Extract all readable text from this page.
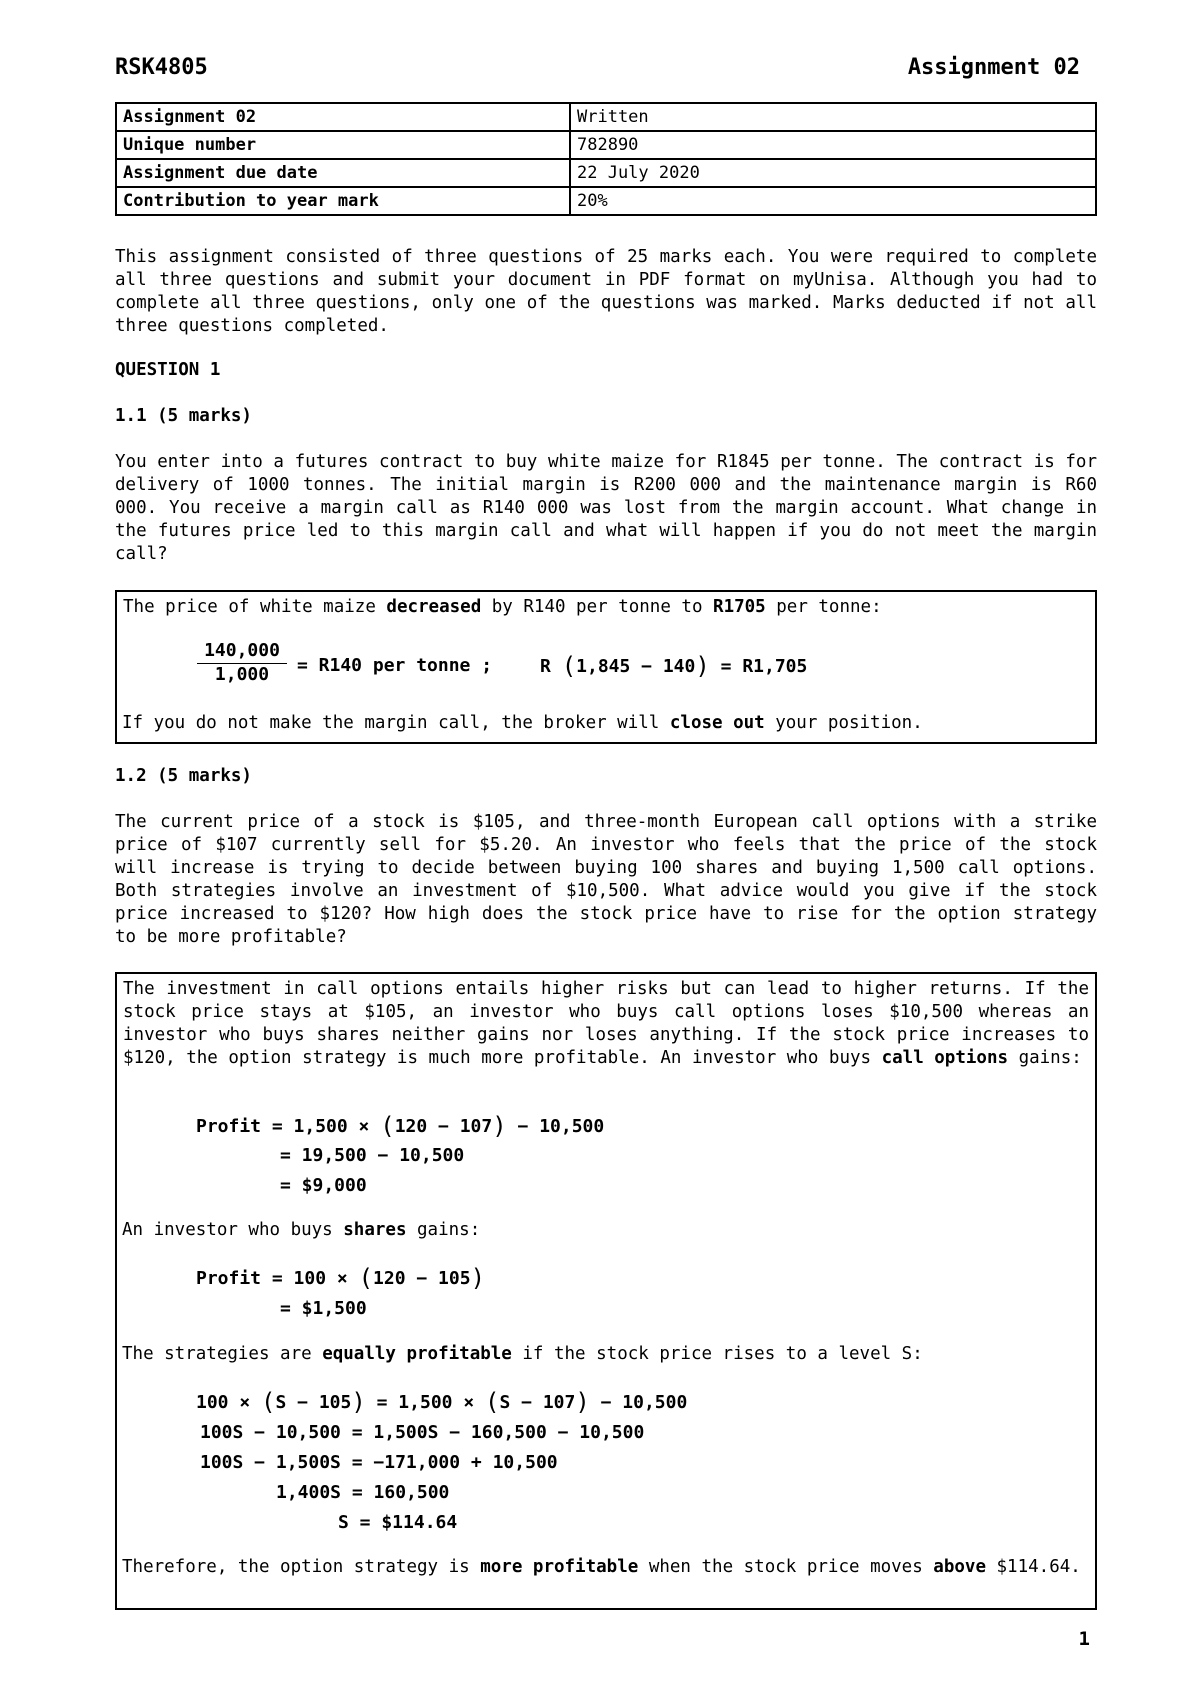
RSK4805	Assignment 02
Assignment 02	Written
Unique number	782890
Assignment due date	22 July 2020
Contribution to year mark	20%
This assignment consisted of three questions of 25 marks each. You were required to complete all three questions and submit your document in PDF format on myUnisa. Although you had to complete all three questions, only one of the questions was marked. Marks deducted if not all three questions completed.
QUESTION 1
1.1 (5 marks)
You enter into a futures contract to buy white maize for R1845 per tonne. The contract is for delivery of 1000 tonnes. The initial margin is R200 000 and the maintenance margin is R60 000. You receive a margin call as R140 000 was lost from the margin account. What change in the futures price led to this margin call and what will happen if you do not meet the margin call?

The price of white maize decreased by R140 per tonne to R1705 per tonne:

$\frac{140,000}{1,000} = R140$ per tonne ;	R (1,845 − 140) = R1,705
If you do not make the margin call, the broker will close out your position.
1.2 (5 marks)
The current price of a stock is $105, and three-month European call options with a strike price of $107 currently sell for $5.20. An investor who feels that the price of the stock will increase is trying to decide between buying 100 shares and buying 1,500 call options. Both strategies involve an investment of $10,500. What advice would you give if the stock price increased to $120? How high does the stock price have to rise for the option strategy to be more profitable?

The investment in call options entails higher risks but can lead to higher returns. If the stock price stays at $105, an investor who buys call options loses $10,500 whereas an investor who buys shares neither gains nor loses anything. If the stock price increases to $120, the option strategy is much more profitable. An investor who buys call options gains:

Profit = 1,500 × (120 − 107) − 10,500
= 19,500 − 10,500
= $9,000
An investor who buys shares gains:
Profit = 100 × (120 − 105)
= $1,500
The strategies are equally profitable if the stock price rises to a level S:
100 × (S − 105) = 1,500 × (S − 107) − 10,500
100S − 10,500 = 1,500S − 160,500 − 10,500
100S − 1,500S = −171,000 + 10,500
1,400S = 160,500
S = $114.64
Therefore, the option strategy is more profitable when the stock price moves above $114.64.
1
